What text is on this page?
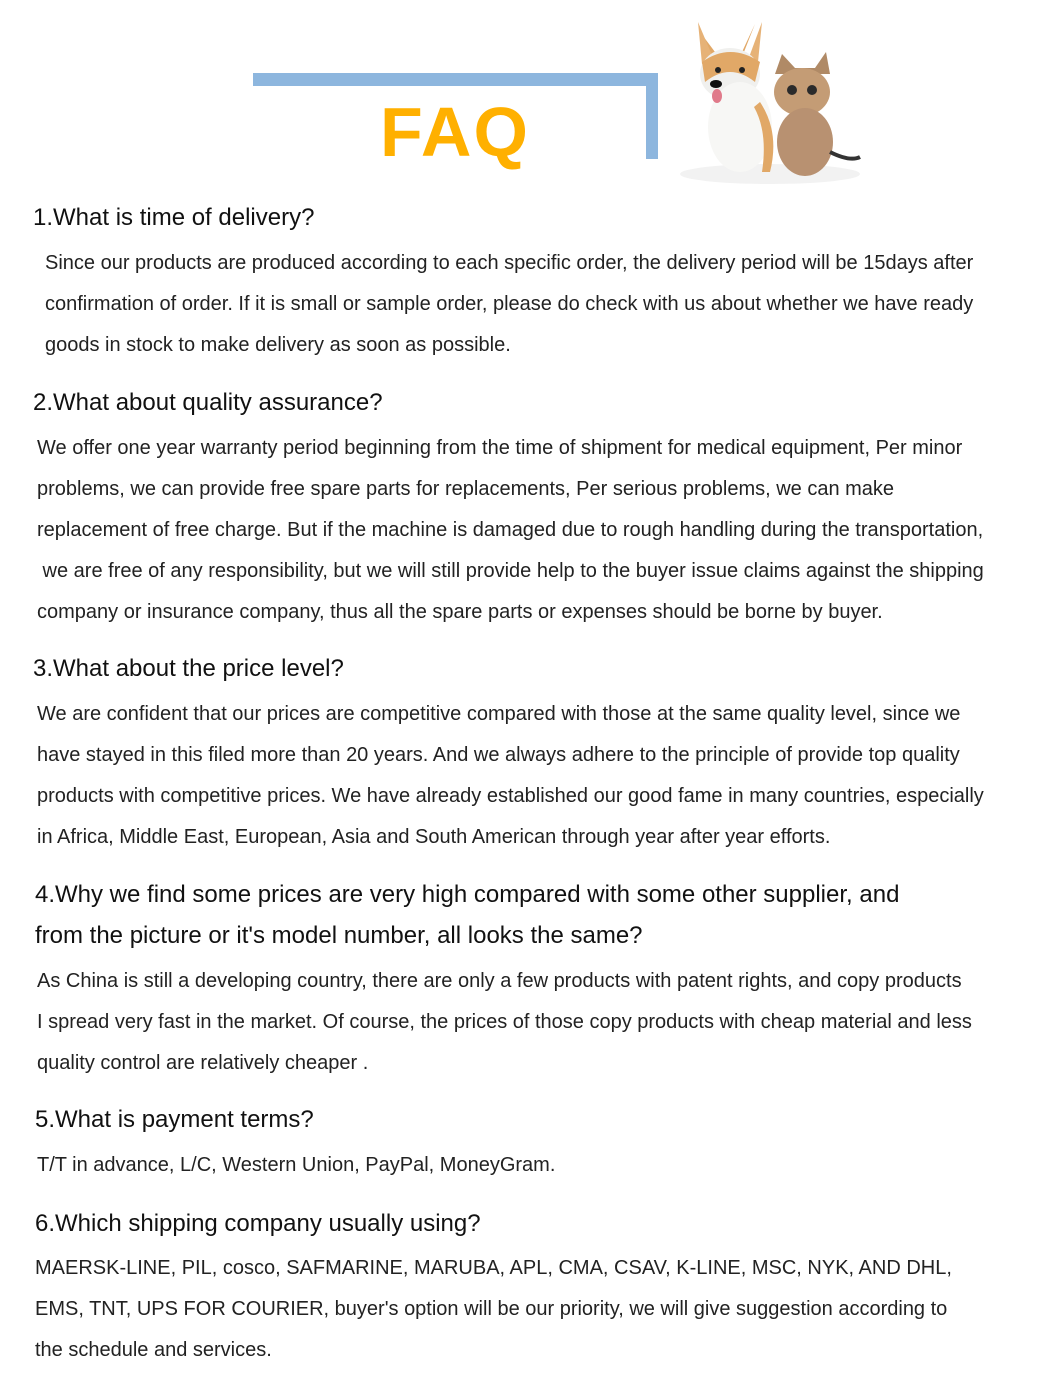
FAQ
1.What is time of delivery?
Since our products are produced according to each specific order, the delivery period will be 15days after
confirmation of order. If it is small or sample order, please do check with us about whether we have ready
goods in stock to make delivery as soon as possible.
2.What about quality assurance?
We offer one year warranty period beginning from the time of shipment for medical equipment, Per minor
problems, we can provide free spare parts for replacements, Per serious problems, we can make
replacement of free charge. But if the machine is damaged due to rough handling during the transportation,
we are free of any responsibility, but we will still provide help to the buyer issue claims against the shipping
company or insurance company, thus all the spare parts or expenses should be borne by buyer.
3.What about the price level?
We are confident that our prices are competitive compared with those at the same quality level, since we
have stayed in this filed more than 20 years. And we always adhere to the principle of provide top quality
products with competitive prices. We have already established our good fame in many countries, especially
in Africa, Middle East, European, Asia and South American through year after year efforts.
4.Why we find some prices are very high compared with some other supplier, and
from the picture or it's model number, all looks the same?
As China is still a developing country, there are only a few products with patent rights, and copy products
I spread very fast in the market. Of course, the prices of those copy products with cheap material and less
quality control are relatively cheaper .
5.What is payment terms?
T/T in advance, L/C, Western Union, PayPal, MoneyGram.
6.Which shipping company usually using?
MAERSK-LINE, PIL, cosco, SAFMARINE, MARUBA, APL, CMA, CSAV, K-LINE, MSC, NYK, AND DHL,
EMS, TNT, UPS FOR COURIER, buyer's option will be our priority, we will give suggestion according to
the schedule and services.
